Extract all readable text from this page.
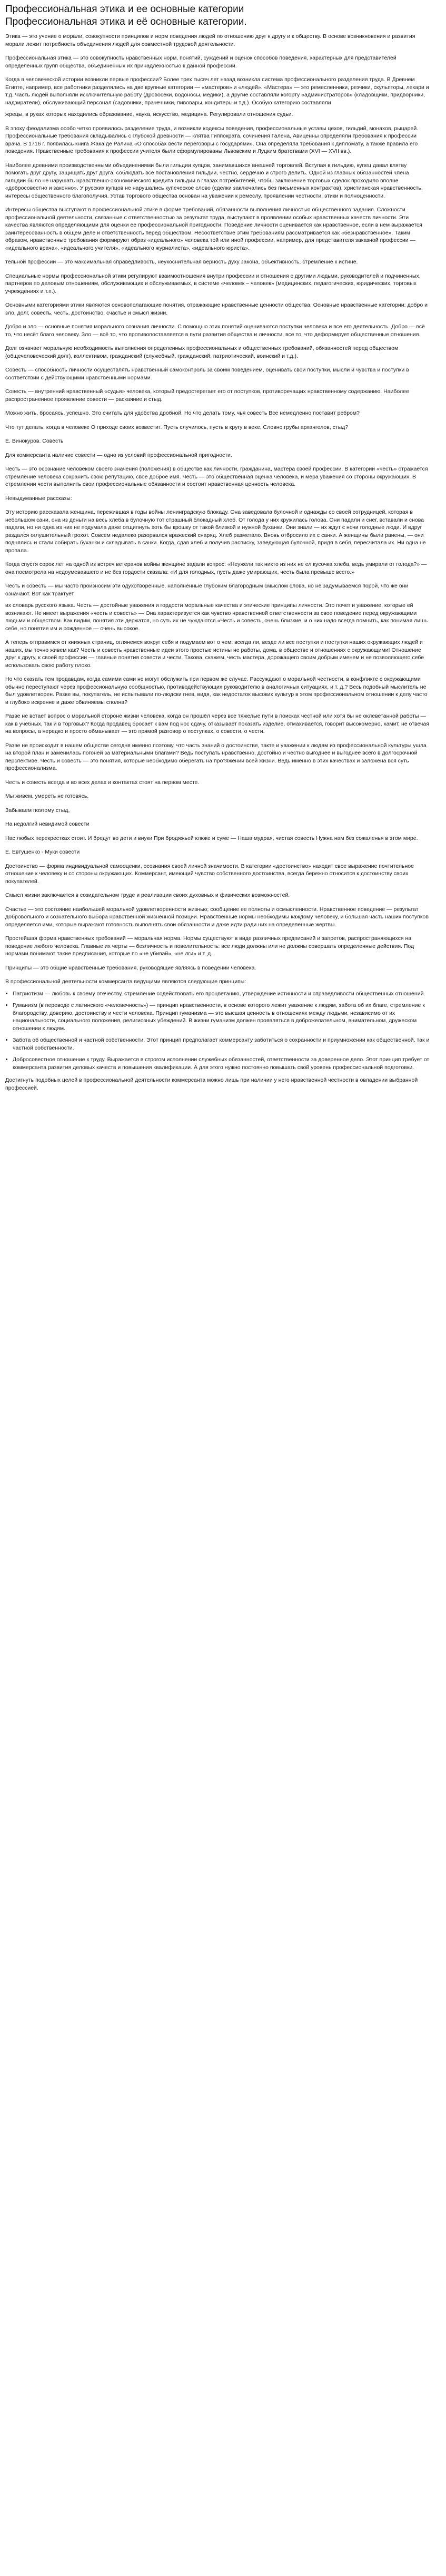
Профессиональная этика и ее основные категории
Профессиональная этика и её основные категории.

Этика — это учение о морали, совокупности принципов и норм поведения людей по отношению друг к другу и к обществу. В основе возникновения и развития морали лежит потребность объединения людей для совместной трудовой деятельности.

Профессиональная этика — это совокупность нравственных норм, понятий, суждений и оценок способов поведения, характерных для представителей определенных групп общества, объединенных их принадлежностью к данной профессии.

Когда в человеческой истории возникли первые профессии? Более трех тысяч лет назад возникла система профессионального разделения труда. В Древнем Египте, например, все работники разделялись на две крупные категории — «мастеров» и «людей». «Мастера» — это ремесленники, резчики, скульпторы, лекари и т.д. Часть людей выполняли исключительную работу (дровосеки, водоносы, медики), а другие составляли когорту «администраторов» (кладовщики, придворники, надзиратели), обслуживающий персонал (садовники, прачечники, пивовары, кондитеры и т.д.). Особую категорию составляли

жрецы, в руках которых находились образование, наука, искусство, медицина. Регулировали отношения судьи.

В эпоху феодализма особо четко проявилось разделение труда, и возникли кодексы поведения, профессиональные уставы цехов, гильдий, монахов, рыцарей. Профессиональные требования складывались с глубокой древности — клятва Гиппократа, сочинения Галена, Авиценны определяли требования к профессии врача. В 1716 г. появилась книга Жака де Ралина «О способах вести переговоры с государями». Она определяла требования к дипломату, а также правила его поведения. Нравственные требования к профессии учителя были сформулированы Львовским и Луцким братствами (XVI — XVII вв.).

Наиболее древними производственными объединениями были гильдии купцов, занимавшихся внешней торговлей. Вступая в гильдию, купец давал клятву помогать друг другу, защищать друг друга, соблюдать все постановления гильдии, честно, сердечно и строго делить. Одной из главных обязанностей члена гильдии было не нарушать нравственно-экономического кредита гильдии в глазах потребителей, чтобы заключение торговых сделок проходило вполне «добросовестно и законно». У русских купцов не нарушались купеческое слово (сделки заключались без письменных контрактов), христианская нравственность, интересы общественного благополучия. Устав торгового общества основан на уважении к ремеслу, проявлении честности, этики и полноценности.

Интересы общества выступают в профессиональной этике в форме требований, обязанности выполнения личностью общественного задания. Сложности профессиональной деятельности, связанные с ответственностью за результат труда, выступают в проявлении особых нравственных качеств личности. Эти качества являются определяющими для оценки ее профессиональной пригодности. Поведение личности оценивается как нравственное, если в нем выражается заинтересованность в общем деле и ответственность перед обществом. Несоответствие этим требованиям рассматривается как «безнравственное». Таким образом, нравственные требования формируют образ «идеального» человека той или иной профессии, например, для представителя заказной профессии — «идеального врача», «идеального учителя», «идеального журналиста», «идеального юриста».

тельной профессии — это максимальная справедливость, неукоснительная верность духу закона, объективность, стремление к истине.

Специальные нормы профессиональной этики регулируют взаимоотношения внутри профессии и отношения с другими людьми, руководителей и подчиненных, партнеров по деловым отношениям, обслуживающих и обслуживаемых, в системе «человек – человек» (медицинских, педагогических, юридических, торговых учреждениях и т.п.).

Основными категориями этики являются основополагающие понятия, отражающие нравственные ценности общества. Основные нравственные категории: добро и зло, долг, совесть, честь, достоинство, счастье и смысл жизни.

Добро и зло — основные понятия морального сознания личности. С помощью этих понятий оцениваются поступки человека и все его деятельность. Добро — всё то, что несёт благо человеку. Зло — всё то, что противопоставляется в пути развития общества и личности, все то, что деформирует общественные отношения.

Долг означает моральную необходимость выполнения определенных профессиональных и общественных требований, обязанностей перед обществом (общечеловеческий долг), коллективом, гражданский (служебный, гражданский, патриотический, воинский и т.д.).

Совесть — способность личности осуществлять нравственный самоконтроль за своим поведением, оценивать свои поступки, мысли и чувства и поступки в соответствии с действующими нравственными нормами.

Совесть — внутренний нравственный «судья» человека, который предостерегает его от поступков, противоречащих нравственному содержанию. Наиболее распространенное проявление совести — раскаяние и стыд.

Можно жить, бросаясь, успешно. Это считать для удобства дробной. Но что делать тому, чья совесть Все немедленно поставит ребром?

Что тут делать, когда в человеке О приходе своих возвестит. Пусть случилось, пусть в кругу в веке, Словно грубы архангелов, стыд?

Е. Винокуров. Совесть

Для коммерсанта наличие совести — одно из условий профессиональной пригодности.

Честь — это осознание человеком своего значения (положения) в обществе как личности, гражданина, мастера своей профессии. В категории «честь» отражается стремление человека сохранить свою репутацию, свое доброе имя. Честь — это общественная оценка человека, и мера уважения со стороны окружающих. В стремлении чести выполнить свои профессиональные обязанности и состоит нравственная ценность человека.

Невыдуманные рассказы:

Эту историю рассказала женщина, пережившая в годы войны ленинградскую блокаду. Она заведовала булочной и однажды со своей сотрудницей, которая в небольшом сани, она из деньги на весь хлеба в булочную тот страшный блокадный хлеб. От голода у них кружилась голова. Они падали и снег, вставали и снова падали, но ни одна из них не подумала даже отщипнуть хоть бы крошку от такой близкой и нужной буханки. Они знали — их ждут с ночи голодные люди. И вдруг раздался оглушительный грохот. Совсем недалеко разорвался вражеский снаряд. Хлеб разметало. Вновь отбросило их с санки. А женщины были ранены, — они поднялись и стали собирать буханки и складывать в санки. Когда, сдав хлеб и получив расписку, заведующая булочной, придя в себя, пересчитала их. Ни одна не пропала.

Когда спустя сорок лет на одной из встреч ветеранов войны женщине задали вопрос: «Неужели так никто из них не ел кусочка хлеба, ведь умирали от голода?» — она посмотрела на недоумевавшего и не без гордости сказала: «И для голодных, пусть даже умирающих, честь была превыше всего.»

Честь и совесть — мы часто произносим эти одухотворенные, наполненные глубоким благородным смыслом слова, но не задумываемся порой, что же они означают. Вот как трактует

их словарь русского языка. Честь — достойные уважения и гордости моральные качества и этические принципы личности. Это почет и уважение, которые ей возникают. Не имеет выражения «честь и совесть» — Она характеризуется как чувство нравственной ответственности за свое поведение перед окружающими людьми и обществом. Как видим, понятия эти держатся, но суть их не чуждаются.«Честь и совесть, очень близкие, и о них надо всегда помнить, как понимая лишь себе, но понятие им и рожденное — очень высокое.

А теперь отправимся от книжных страниц, оглянемся вокруг себя и подумаем вот о чем: всегда ли, везде ли все поступки и поступки наших окружающих людей и наших, мы точно живем как? Честь и совесть нравственные идеи этого простые истины не работы, дома, в обществе и отношениях с окружающими! Отношение друг к другу, к своей профессии — главные понятия совести и чести. Такова, скажем, честь мастера, дорожащего своим добрым именем и не позволяющего себе использовать свою работу плохо.

Но что сказать тем продавцам, когда самими сами не могут обслужить при первом же случае. Рассуждают о моральной честности, в конфликте с окружающими обычно переступают через профессиональную сообщностью, противодействующих руководителю в аналогичных ситуациях, и т. д.? Весь подобный мыслитель не был удовлетворен. Разве вы, покупатель, не испытывали по-людски гнев, видя, как недостаток высоких культур в этом профессиональном отношении к делу часто и глубоко искренне и даже обвиняемы сполна?

Разве не встает вопрос о моральной стороне жизни человека, когда он прошёл через все тяжелые пути в поисках честной или хотя бы не оклеветанной работы — как в учебных, так и в торговых? Когда продавец бросает к вам под нос сдачу, отказывает показать изделие, отмахивается, говорит высокомерно, хамит, не отвечая на вопросы, а нередко и просто обманывает — это прямой разговор о поступках, о совести, о чести.

Разве не происходит в нашем обществе сегодня именно поэтому, что часть знаний о достоинстве, такте и уважении к людям из профессиональной культуры ушла на второй план и заменилась погоней за материальными благами? Ведь поступать нравственно, достойно и честно выгоднее и выгоднее всего в долгосрочной перспективе. Честь и совесть — это понятия, которые необходимо оберегать на протяжении всей жизни. Ведь именно в этих качествах и заложена вся суть профессионализма.

Честь и совесть всегда и во всех делах и контактах стоят на первом месте.

Мы живем, умереть не готовясь,

Забываем поэтому стыд,

На недолгий невидимой совести

Нас любых перекрестках стоит. И бредут во дети и внуки При бродяжьей клюке и суме — Наша мудрая, чистая совесть Нужна нам без сожаленья в этом мире.

Е. Евтушенко - Муки совести

Достоинство — форма индивидуальной самооценки, осознания своей личной значимости. В категории «достоинство» находит свое выражение почтительное отношение к человеку и со стороны окружающих. Коммерсант, имеющий чувство собственного достоинства, всегда бережно относится к достоинству своих покупателей.

Смысл жизни заключается в созидательном труде и реализации своих духовных и физических возможностей.

Счастье — это состояние наибольшей моральной удовлетворенности жизнью; сообщение ее полноты и осмысленности. Нравственное поведение — результат добровольного и сознательного выбора нравственной жизненной позиции. Нравственные нормы необходимы каждому человеку, и большая часть наших поступков определяется ими, которые выражают готовность выполнять свои обязанности и даже идти ради них на определенные жертвы.

Простейшая форма нравственных требований — моральная норма. Нормы существуют в виде различных предписаний и запретов, распространяющихся на поведение любого человека. Главные их черты — безличность и повелительность: все люди должны или не должны совершать определенные действия. Под нормами понимают такие предписания, которые по «не убивай», «не лги» и т. д.

Принципы — это общие нравственные требования, руководящие являясь в поведении человека.

В профессиональной деятельности коммерсанта ведущими являются следующие принципы:

• Патриотизм — любовь к своему отечеству, стремление содействовать его процветанию, утверждение истинности и справедливости общественных отношений.
• Гуманизм (в переводе с латинского «человечность») — принцип нравственности, в основе которого лежит уважение к людям, забота об их благе, стремление к благородству, доверию, достоинству и чести человека. Принцип гуманизма — это высшая ценность в отношениях между людьми, независимо от их национальности, социального положения, религиозных убеждений. В жизни гуманизм должен проявляться в доброжелательном, внимательном, дружеском отношении к людям.
• Забота об общественной и частной собственности. Этот принцип предполагает коммерсанту заботиться о сохранности и приумножении как общественной, так и частной собственности.
• Добросовестное отношение к труду. Выражается в строгом исполнении служебных обязанностей, ответственности за доверенное дело. Этот принцип требует от коммерсанта развития деловых качеств и повышения квалификации. А для этого нужно постоянно повышать свой уровень профессиональной подготовки.

Достигнуть подобных целей в профессиональной деятельности коммерсанта можно лишь при наличии у него нравственной честности в овладении выбранной профессией.
